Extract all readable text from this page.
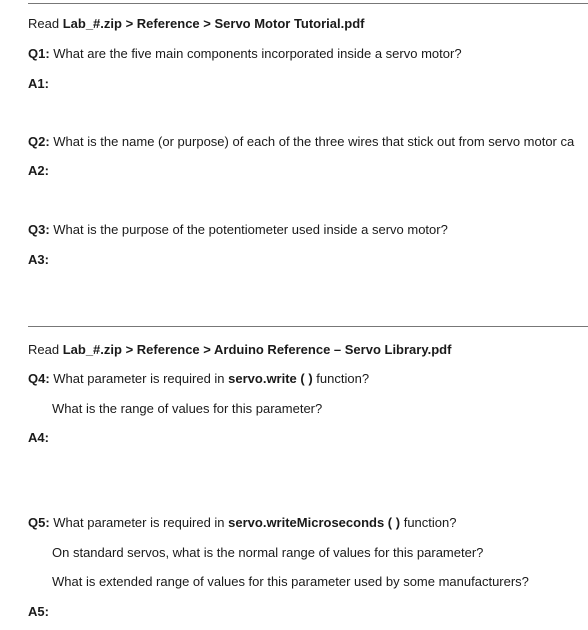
Read Lab_#.zip > Reference > Servo Motor Tutorial.pdf
Q1: What are the five main components incorporated inside a servo motor?
A1:
Q2: What is the name (or purpose) of each of the three wires that stick out from servo motor ca
A2:
Q3: What is the purpose of the potentiometer used inside a servo motor?
A3:
Read Lab_#.zip > Reference > Arduino Reference – Servo Library.pdf
Q4: What parameter is required in servo.write ( ) function?
What is the range of values for this parameter?
A4:
Q5: What parameter is required in servo.writeMicroseconds ( ) function?
On standard servos, what is the normal range of values for this parameter?
What is extended range of values for this parameter used by some manufacturers?
A5:
